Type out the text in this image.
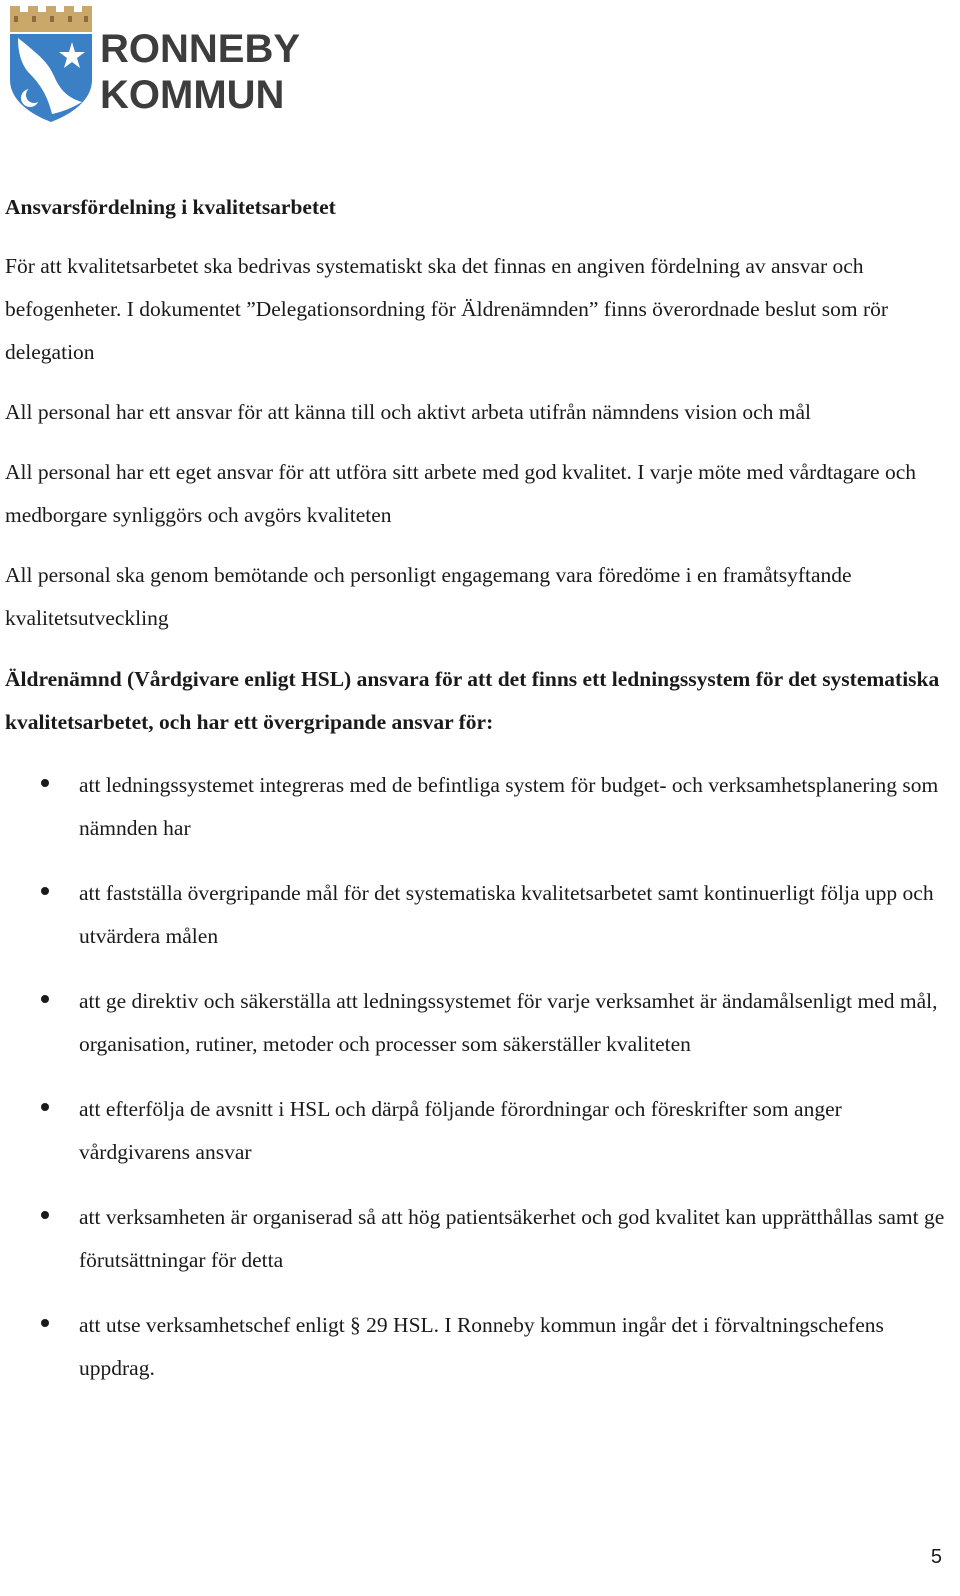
RONNEBY
KOMMUN

Ansvarsfördelning i kvalitetsarbetet

För att kvalitetsarbetet ska bedrivas systematiskt ska det finnas en angiven fördelning av ansvar och befogenheter. I dokumentet ”Delegationsordning för Äldrenämnden” finns överordnade beslut som rör delegation

All personal har ett ansvar för att känna till och aktivt arbeta utifrån nämndens vision och mål

All personal har ett eget ansvar för att utföra sitt arbete med god kvalitet. I varje möte med vårdtagare och medborgare synliggörs och avgörs kvaliteten

All personal ska genom bemötande och personligt engagemang vara föredöme i en framåtsyftande kvalitetsutveckling

Äldrenämnd (Vårdgivare enligt HSL) ansvara för att det finns ett ledningssystem för det systematiska kvalitetsarbetet, och har ett övergripande ansvar för:

att ledningssystemet integreras med de befintliga system för budget- och verksamhetsplanering som nämnden har
att fastställa övergripande mål för det systematiska kvalitetsarbetet samt kontinuerligt följa upp och utvärdera målen
att ge direktiv och säkerställa att ledningssystemet för varje verksamhet är ändamålsenligt med mål, organisation, rutiner, metoder och processer som säkerställer kvaliteten
att efterfölja de avsnitt i HSL och därpå följande förordningar och föreskrifter som anger vårdgivarens ansvar
att verksamheten är organiserad så att hög patientsäkerhet och god kvalitet kan upprätthållas samt ge förutsättningar för detta
att utse verksamhetschef enligt § 29 HSL. I Ronneby kommun ingår det i förvaltningschefens uppdrag.
5
